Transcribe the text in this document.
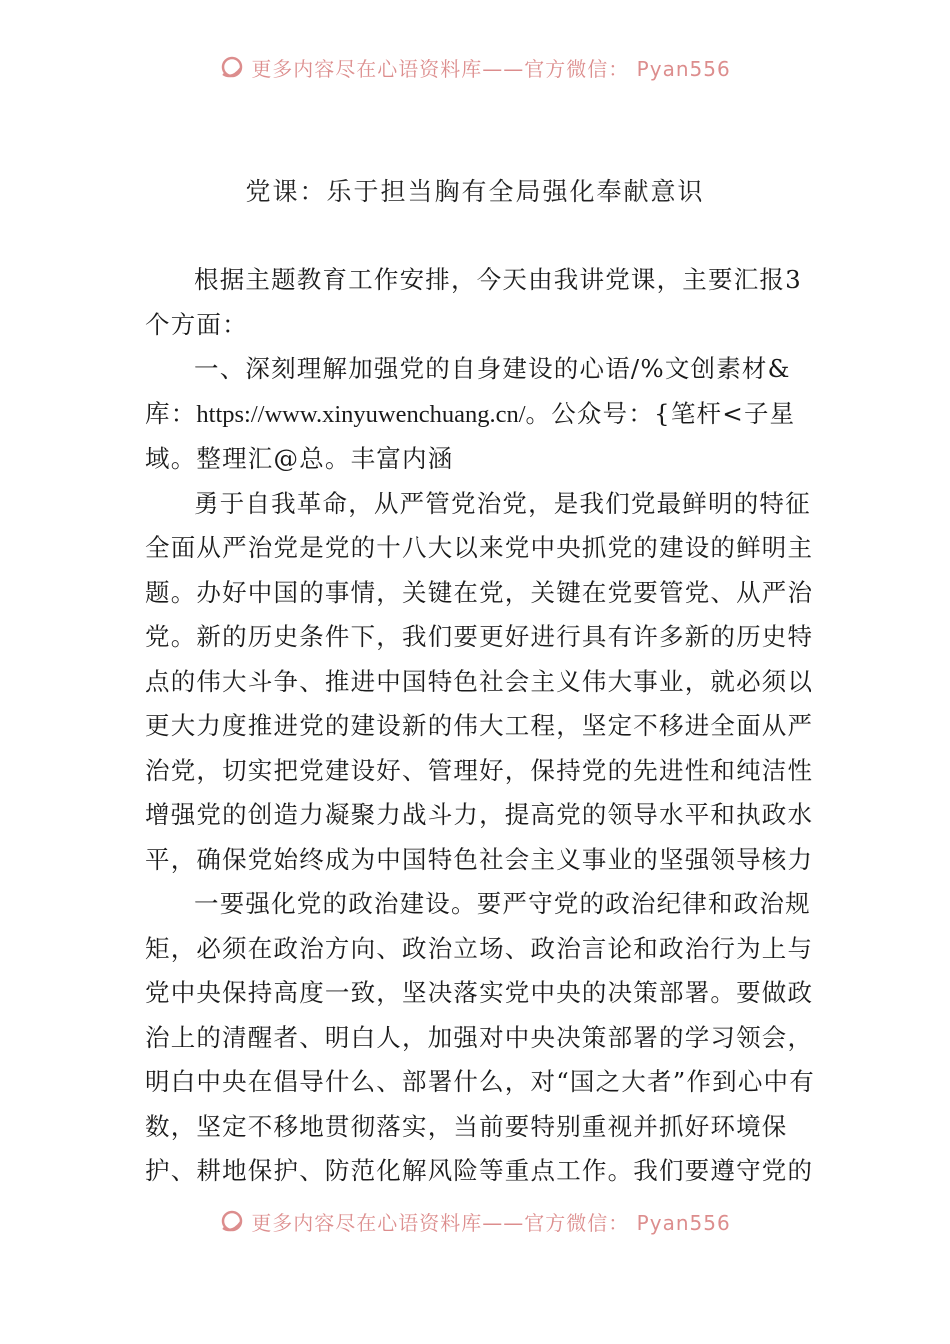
更多内容尽在心语资料库——官方微信： Pyan556
党课：乐于担当胸有全局强化奉献意识

根据主题教育工作安排，今天由我讲党课，主要汇报3个方面：

一、深刻理解加强党的自身建设的心语/%文创素材&库：https://www.xinyuwenchuang.cn/。公众号：{笔杆<子星域。整理汇@总。丰富内涵

勇于自我革命，从严管党治党，是我们党最鲜明的特征全面从严治党是党的十八大以来党中央抓党的建设的鲜明主题。办好中国的事情，关键在党，关键在党要管党、从严治党。新的历史条件下，我们要更好进行具有许多新的历史特点的伟大斗争、推进中国特色社会主义伟大事业，就必须以更大力度推进党的建设新的伟大工程，坚定不移进全面从严治党，切实把党建设好、管理好，保持党的先进性和纯洁性增强党的创造力凝聚力战斗力，提高党的领导水平和执政水平，确保党始终成为中国特色社会主义事业的坚强领导核力

一要强化党的政治建设。要严守党的政治纪律和政治规矩，必须在政治方向、政治立场、政治言论和政治行为上与党中央保持高度一致，坚决落实党中央的决策部署。要做政治上的清醒者、明白人，加强对中央决策部署的学习领会，明白中央在倡导什么、部署什么，对“国之大者”作到心中有数，坚定不移地贯彻落实，当前要特别重视并抓好环境保护、耕地保护、防范化解风险等重点工作。我们要遵守党的

更多内容尽在心语资料库——官方微信： Pyan556
